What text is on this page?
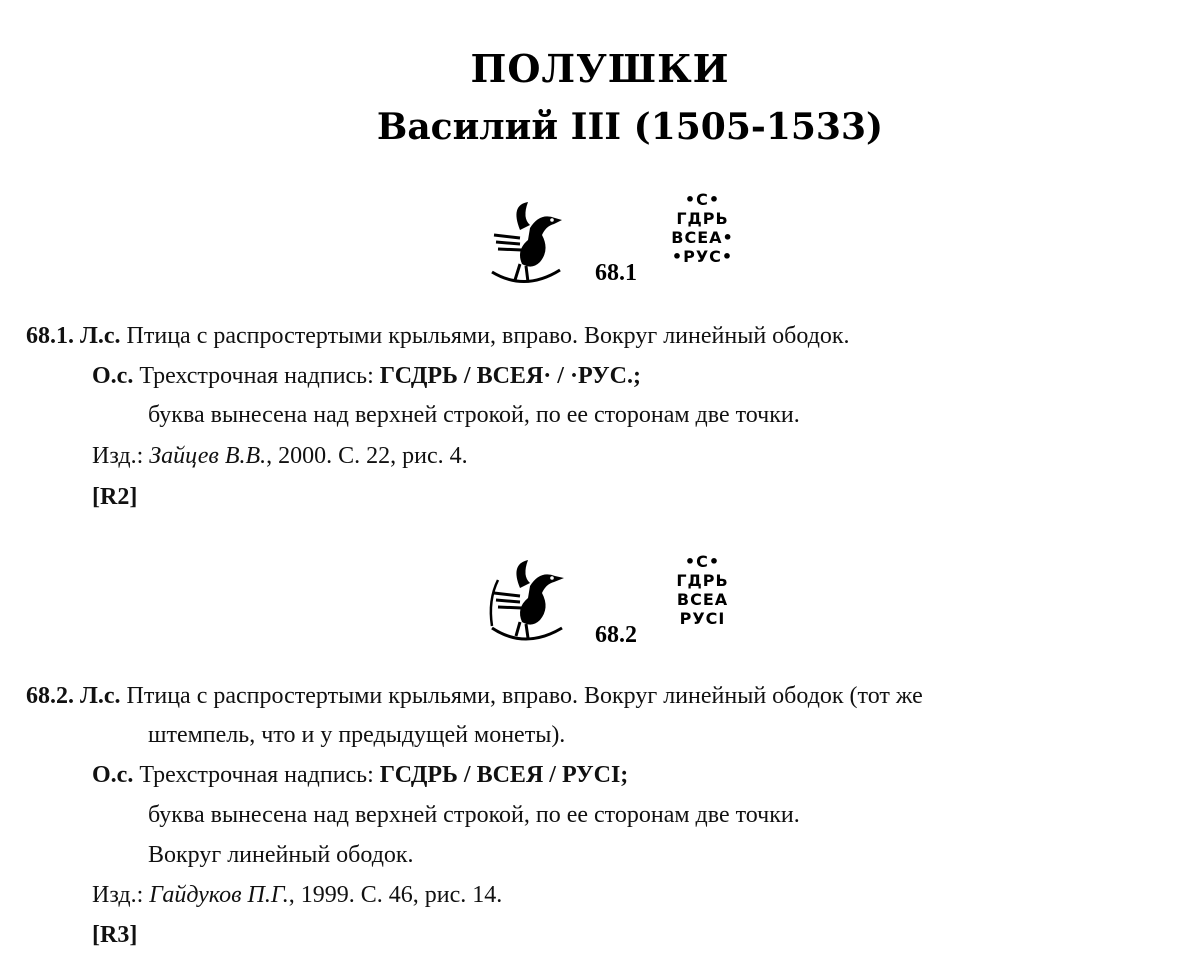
ПОЛУШКИ
Василий III (1505-1533)
68.1
•С•
ГДРЬ
ВСЕА•
•РУС•
68.1. Л.с. Птица с распростертыми крыльями, вправо. Вокруг линейный ободок.
О.с. Трехстрочная надпись: ГСДРЬ / ВСЕЯ· / ·РУС.;
буква вынесена над верхней строкой, по ее сторонам две точки.
Изд.: Зайцев В.В., 2000. С. 22, рис. 4.
[R2]
68.2
•С•
ГДРЬ
ВСЕА
РУСІ
68.2. Л.с. Птица с распростертыми крыльями, вправо. Вокруг линейный ободок (тот же
штемпель, что и у предыдущей монеты).
О.с. Трехстрочная надпись: ГСДРЬ / ВСЕЯ / РУСІ;
буква вынесена над верхней строкой, по ее сторонам две точки.
Вокруг линейный ободок.
Изд.: Гайдуков П.Г., 1999. С. 46, рис. 14.
[R3]
